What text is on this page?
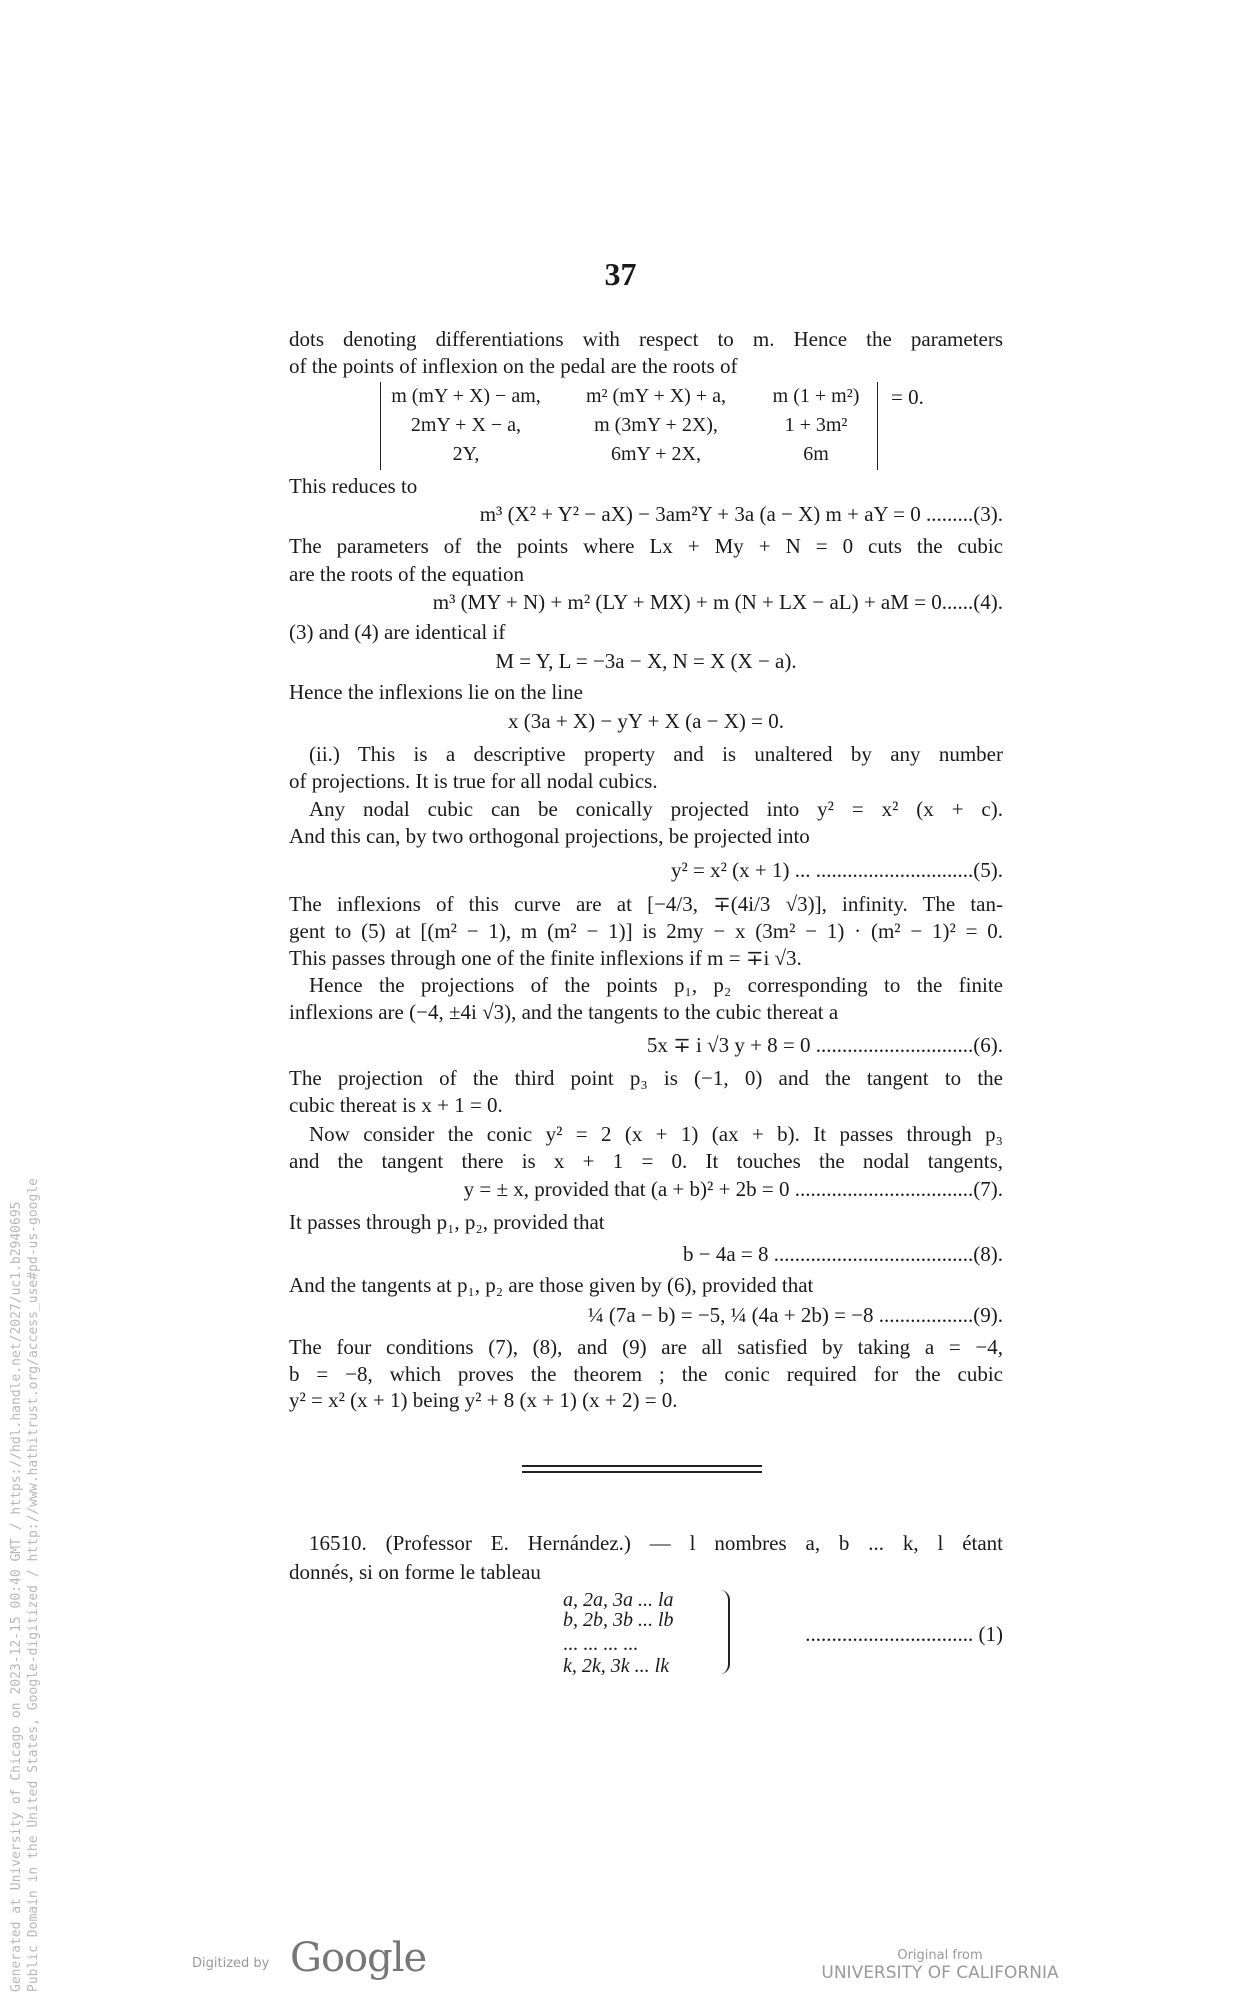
37
dots denoting differentiations with respect to m. Hence the parameters
of the points of inflexion on the pedal are the roots of
m (mY + X) − am,	m² (mY + X) + a,	m (1 + m²)
2mY + X − a,	m (3mY + 2X),	1 + 3m²
2Y,	6mY + 2X,	6m
= 0.
This reduces to
m³ (X² + Y² − aX) − 3am²Y + 3a (a − X) m + aY = 0 .........(3).
The parameters of the points where Lx + My + N = 0 cuts the cubic
are the roots of the equation
m³ (MY + N) + m² (LY + MX) + m (N + LX − aL) + aM = 0......(4).
(3) and (4) are identical if
M = Y, L = −3a − X, N = X (X − a).
Hence the inflexions lie on the line
x (3a + X) − yY + X (a − X) = 0.
(ii.) This is a descriptive property and is unaltered by any number
of projections. It is true for all nodal cubics.
Any nodal cubic can be conically projected into y² = x² (x + c).
And this can, by two orthogonal projections, be projected into
y² = x² (x + 1) ... ..............................(5).
The inflexions of this curve are at [−4/3, ∓(4i/3 √3)], infinity. The tan-
gent to (5) at [(m² − 1), m (m² − 1)] is 2my − x (3m² − 1) · (m² − 1)² = 0.
This passes through one of the finite inflexions if m = ∓i √3.
Hence the projections of the points p₁, p₂ corresponding to the finite
inflexions are (−4, ±4i √3), and the tangents to the cubic thereat a
5x ∓ i √3 y + 8 = 0 ..............................(6).
The projection of the third point p₃ is (−1, 0) and the tangent to the
cubic thereat is x + 1 = 0.
Now consider the conic y² = 2 (x + 1) (ax + b). It passes through p₃
and the tangent there is x + 1 = 0. It touches the nodal tangents,
y = ± x, provided that (a + b)² + 2b = 0 ..................................(7).
It passes through p₁, p₂, provided that
b − 4a = 8 ......................................(8).
And the tangents at p₁, p₂ are those given by (6), provided that
¼ (7a − b) = −5, ¼ (4a + 2b) = −8 ..................(9).
The four conditions (7), (8), and (9) are all satisfied by taking a = −4,
b = −8, which proves the theorem ; the conic required for the cubic
y² = x² (x + 1) being y² + 8 (x + 1) (x + 2) = 0.
16510. (Professor E. Hernández.) — l nombres a, b ... k, l étant
donnés, si on forme le tableau
a, 2a, 3a ... la
b, 2b, 3b ... lb
... ... ... ...
k, 2k, 3k ... lk
................................ (1)
Generated at University of Chicago on 2023-12-15 00:40 GMT / https://hdl.handle.net/2027/uc1.b2940695 Public Domain in the United States, Google-digitized / http://www.hathitrust.org/access_use#pd-us-google	Digitized by Google	Original from
UNIVERSITY OF CALIFORNIA
